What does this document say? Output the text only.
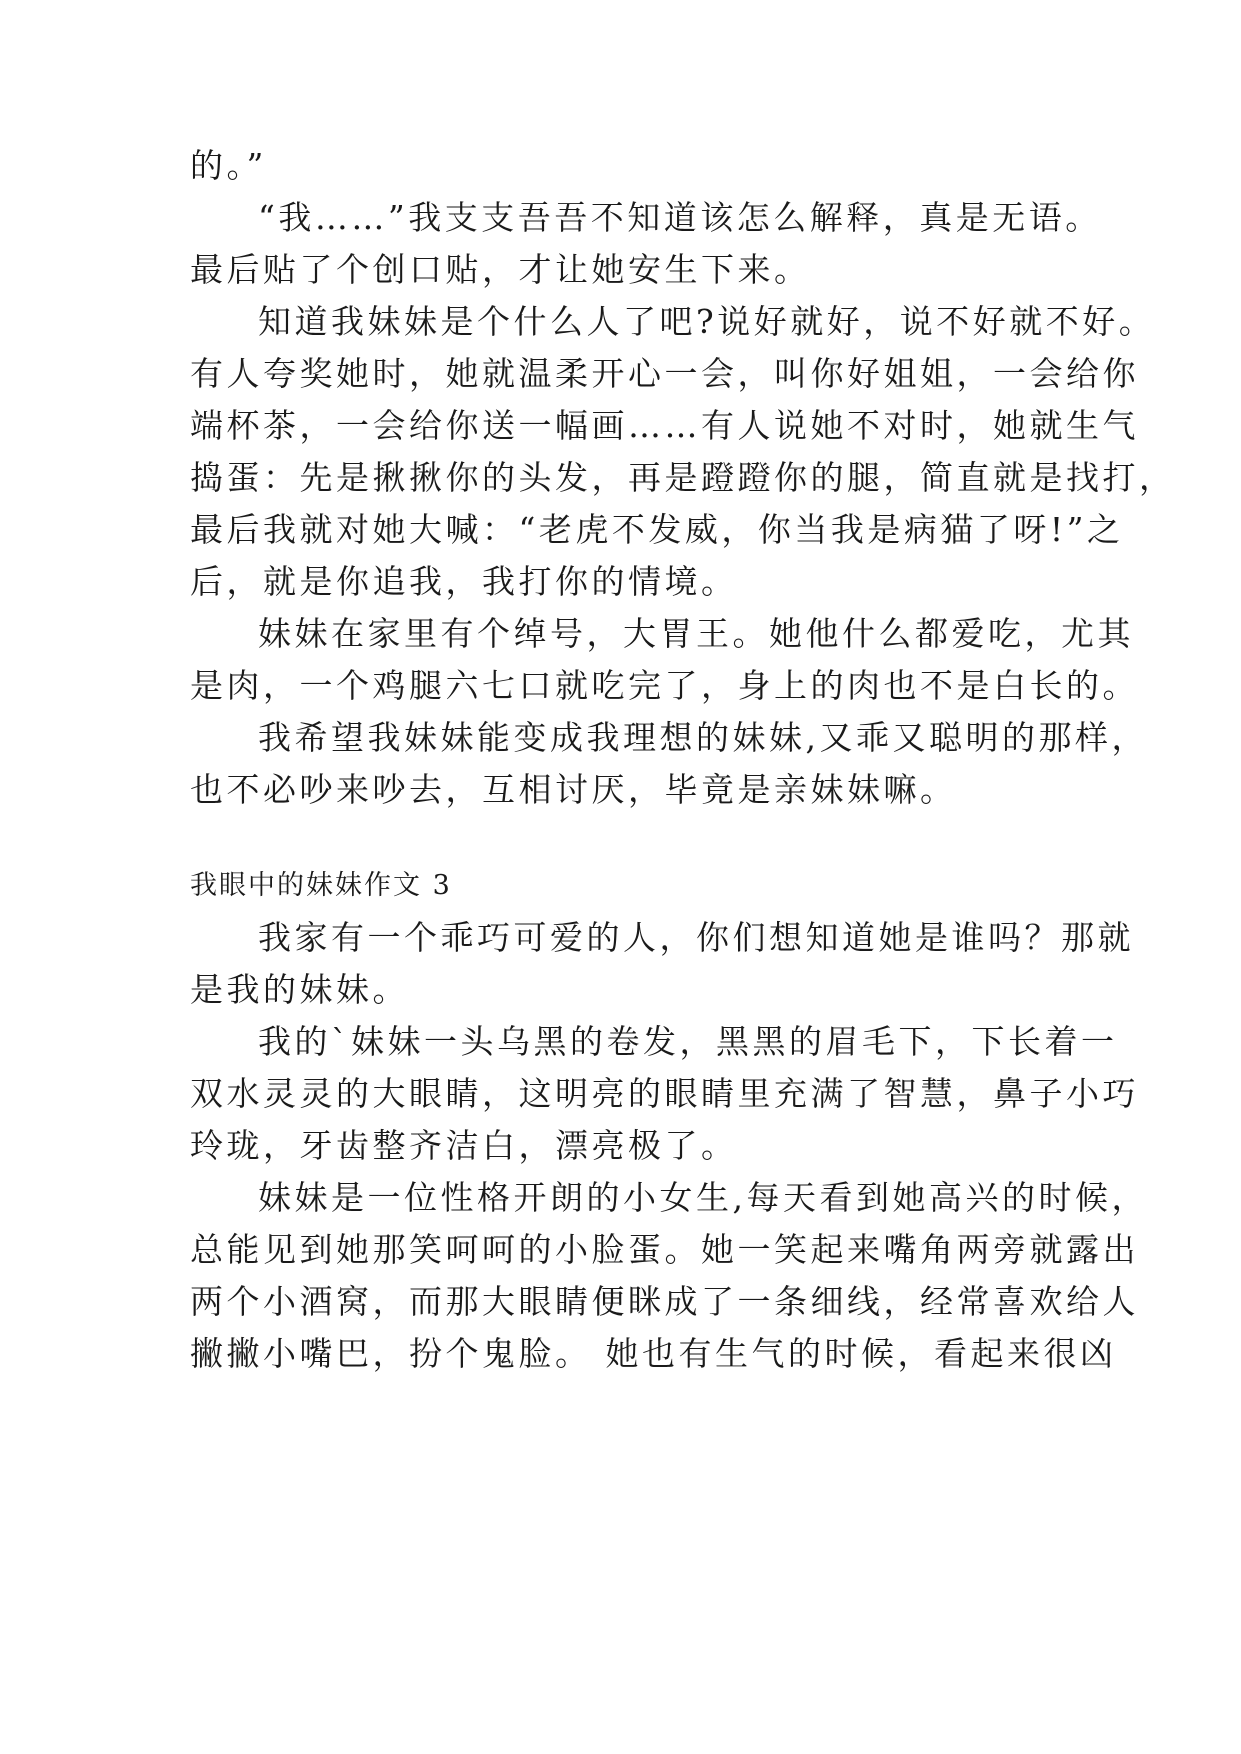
的。”
“我……”我支支吾吾不知道该怎么解释，真是无语。
最后贴了个创口贴，才让她安生下来。
知道我妹妹是个什么人了吧?说好就好，说不好就不好。
有人夸奖她时，她就温柔开心一会，叫你好姐姐，一会给你
端杯茶，一会给你送一幅画……有人说她不对时，她就生气
捣蛋：先是揪揪你的头发，再是蹬蹬你的腿，简直就是找打，
最后我就对她大喊：“老虎不发威，你当我是病猫了呀!”之
后，就是你追我，我打你的情境。
妹妹在家里有个绰号，大胃王。她他什么都爱吃，尤其
是肉，一个鸡腿六七口就吃完了，身上的肉也不是白长的。
我希望我妹妹能变成我理想的妹妹,又乖又聪明的那样，
也不必吵来吵去，互相讨厌，毕竟是亲妹妹嘛。
我眼中的妹妹作文 3
我家有一个乖巧可爱的人，你们想知道她是谁吗？那就
是我的妹妹。
我的`妹妹一头乌黑的卷发，黑黑的眉毛下，下长着一
双水灵灵的大眼睛，这明亮的眼睛里充满了智慧，鼻子小巧
玲珑，牙齿整齐洁白，漂亮极了。
妹妹是一位性格开朗的小女生,每天看到她高兴的时候，
总能见到她那笑呵呵的小脸蛋。她一笑起来嘴角两旁就露出
两个小酒窝，而那大眼睛便眯成了一条细线，经常喜欢给人
撇撇小嘴巴，扮个鬼脸。 她也有生气的时候，看起来很凶
